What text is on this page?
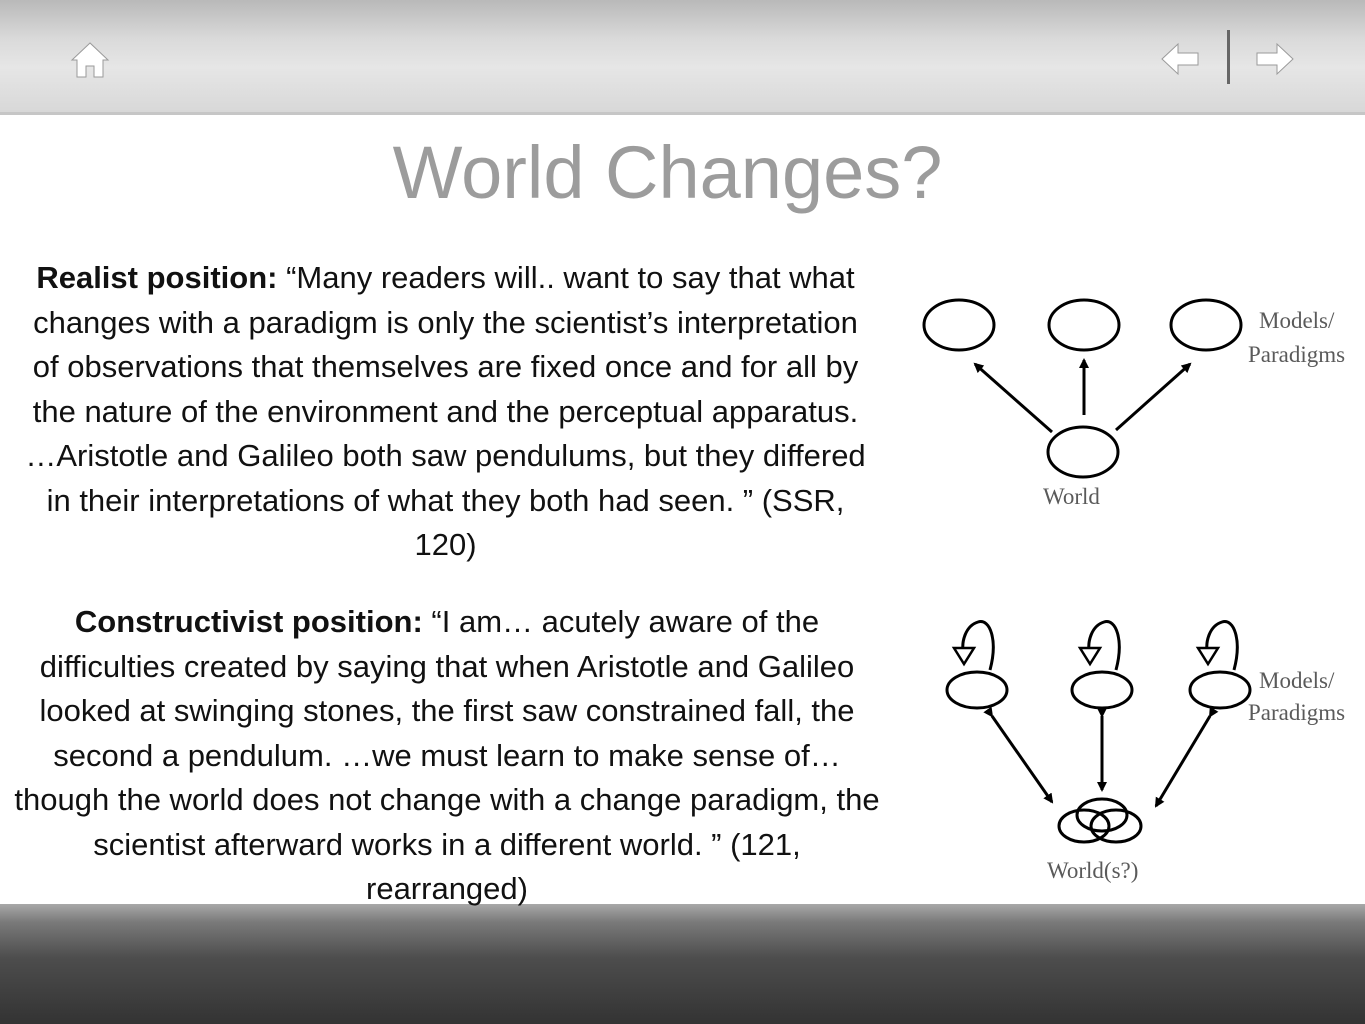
World Changes?

Realist position: “Many readers will.. want to say that what changes with a paradigm is only the scientist’s interpretation of observations that themselves are fixed once and for all by the nature of the environment and the perceptual apparatus. …Aristotle and Galileo both saw pendulums, but they differed in their interpretations of what they both had seen. ” (SSR, 120)

Constructivist position: “I am… acutely aware of the difficulties created by saying that when Aristotle and Galileo looked at swinging stones, the first saw constrained fall, the second a pendulum. …we must learn to make sense of… though the world does not change with a change paradigm, the scientist afterward works in a different world. ” (121, rearranged)

Models/
Paradigms
World
Models/
Paradigms
World(s?)
